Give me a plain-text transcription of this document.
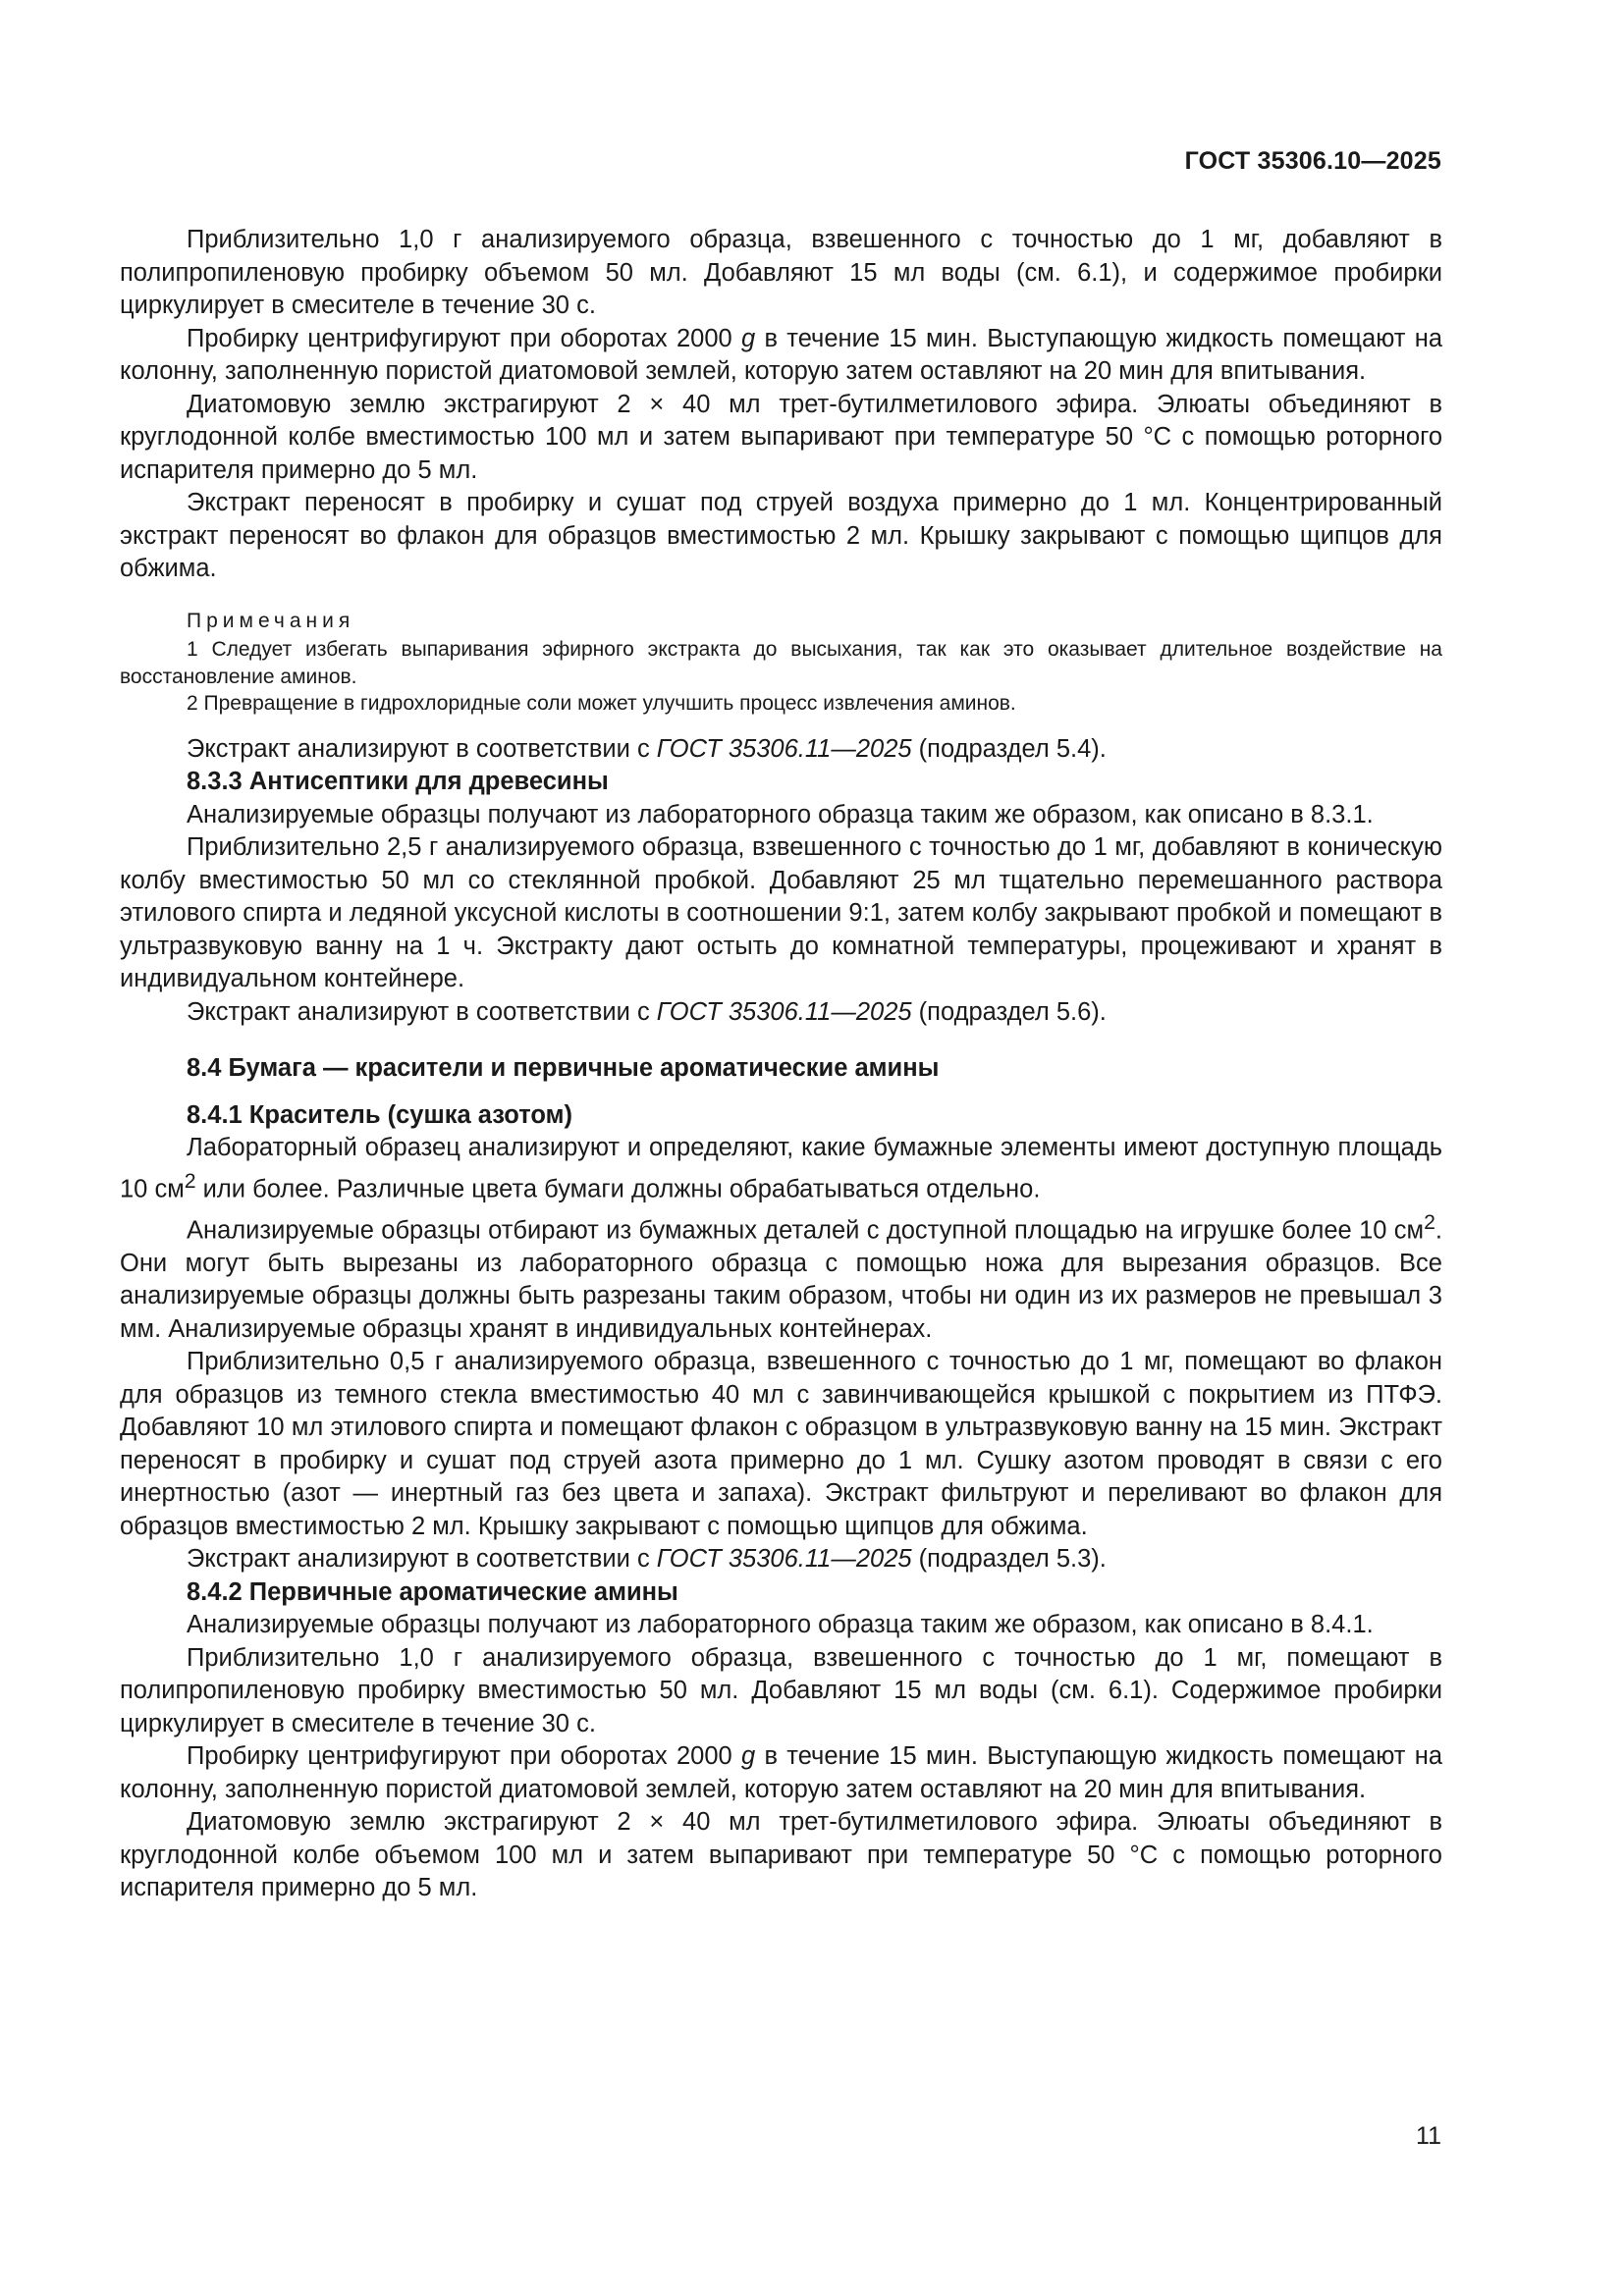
ГОСТ 35306.10—2025

Приблизительно 1,0 г анализируемого образца, взвешенного с точностью до 1 мг, добавляют в полипропиленовую пробирку объемом 50 мл. Добавляют 15 мл воды (см. 6.1), и содержимое пробирки циркулирует в смесителе в течение 30 с.

Пробирку центрифугируют при оборотах 2000 g в течение 15 мин. Выступающую жидкость помещают на колонну, заполненную пористой диатомовой землей, которую затем оставляют на 20 мин для впитывания.

Диатомовую землю экстрагируют 2 × 40 мл трет-бутилметилового эфира. Элюаты объединяют в круглодонной колбе вместимостью 100 мл и затем выпаривают при температуре 50 °С с помощью роторного испарителя примерно до 5 мл.

Экстракт переносят в пробирку и сушат под струей воздуха примерно до 1 мл. Концентрированный экстракт переносят во флакон для образцов вместимостью 2 мл. Крышку закрывают с помощью щипцов для обжима.

Примечания

1 Следует избегать выпаривания эфирного экстракта до высыхания, так как это оказывает длительное воздействие на восстановление аминов.

2 Превращение в гидрохлоридные соли может улучшить процесс извлечения аминов.

Экстракт анализируют в соответствии с ГОСТ 35306.11—2025 (подраздел 5.4).

8.3.3 Антисептики для древесины

Анализируемые образцы получают из лабораторного образца таким же образом, как описано в 8.3.1.

Приблизительно 2,5 г анализируемого образца, взвешенного с точностью до 1 мг, добавляют в коническую колбу вместимостью 50 мл со стеклянной пробкой. Добавляют 25 мл тщательно перемешанного раствора этилового спирта и ледяной уксусной кислоты в соотношении 9:1, затем колбу закрывают пробкой и помещают в ультразвуковую ванну на 1 ч. Экстракту дают остыть до комнатной температуры, процеживают и хранят в индивидуальном контейнере.

Экстракт анализируют в соответствии с ГОСТ 35306.11—2025 (подраздел 5.6).

8.4 Бумага — красители и первичные ароматические амины

8.4.1 Краситель (сушка азотом)

Лабораторный образец анализируют и определяют, какие бумажные элементы имеют доступную площадь 10 $см^2$ или более. Различные цвета бумаги должны обрабатываться отдельно.

Анализируемые образцы отбирают из бумажных деталей с доступной площадью на игрушке более 10 $см^2$. Они могут быть вырезаны из лабораторного образца с помощью ножа для вырезания образцов. Все анализируемые образцы должны быть разрезаны таким образом, чтобы ни один из их размеров не превышал 3 мм. Анализируемые образцы хранят в индивидуальных контейнерах.

Приблизительно 0,5 г анализируемого образца, взвешенного с точностью до 1 мг, помещают во флакон для образцов из темного стекла вместимостью 40 мл с завинчивающейся крышкой с покрытием из ПТФЭ. Добавляют 10 мл этилового спирта и помещают флакон с образцом в ультразвуковую ванну на 15 мин. Экстракт переносят в пробирку и сушат под струей азота примерно до 1 мл. Сушку азотом проводят в связи с его инертностью (азот — инертный газ без цвета и запаха). Экстракт фильтруют и переливают во флакон для образцов вместимостью 2 мл. Крышку закрывают с помощью щипцов для обжима.

Экстракт анализируют в соответствии с ГОСТ 35306.11—2025 (подраздел 5.3).

8.4.2 Первичные ароматические амины

Анализируемые образцы получают из лабораторного образца таким же образом, как описано в 8.4.1.

Приблизительно 1,0 г анализируемого образца, взвешенного с точностью до 1 мг, помещают в полипропиленовую пробирку вместимостью 50 мл. Добавляют 15 мл воды (см. 6.1). Содержимое пробирки циркулирует в смесителе в течение 30 с.

Пробирку центрифугируют при оборотах 2000 g в течение 15 мин. Выступающую жидкость помещают на колонну, заполненную пористой диатомовой землей, которую затем оставляют на 20 мин для впитывания.

Диатомовую землю экстрагируют 2 × 40 мл трет-бутилметилового эфира. Элюаты объединяют в круглодонной колбе объемом 100 мл и затем выпаривают при температуре 50 °С с помощью роторного испарителя примерно до 5 мл.

11
